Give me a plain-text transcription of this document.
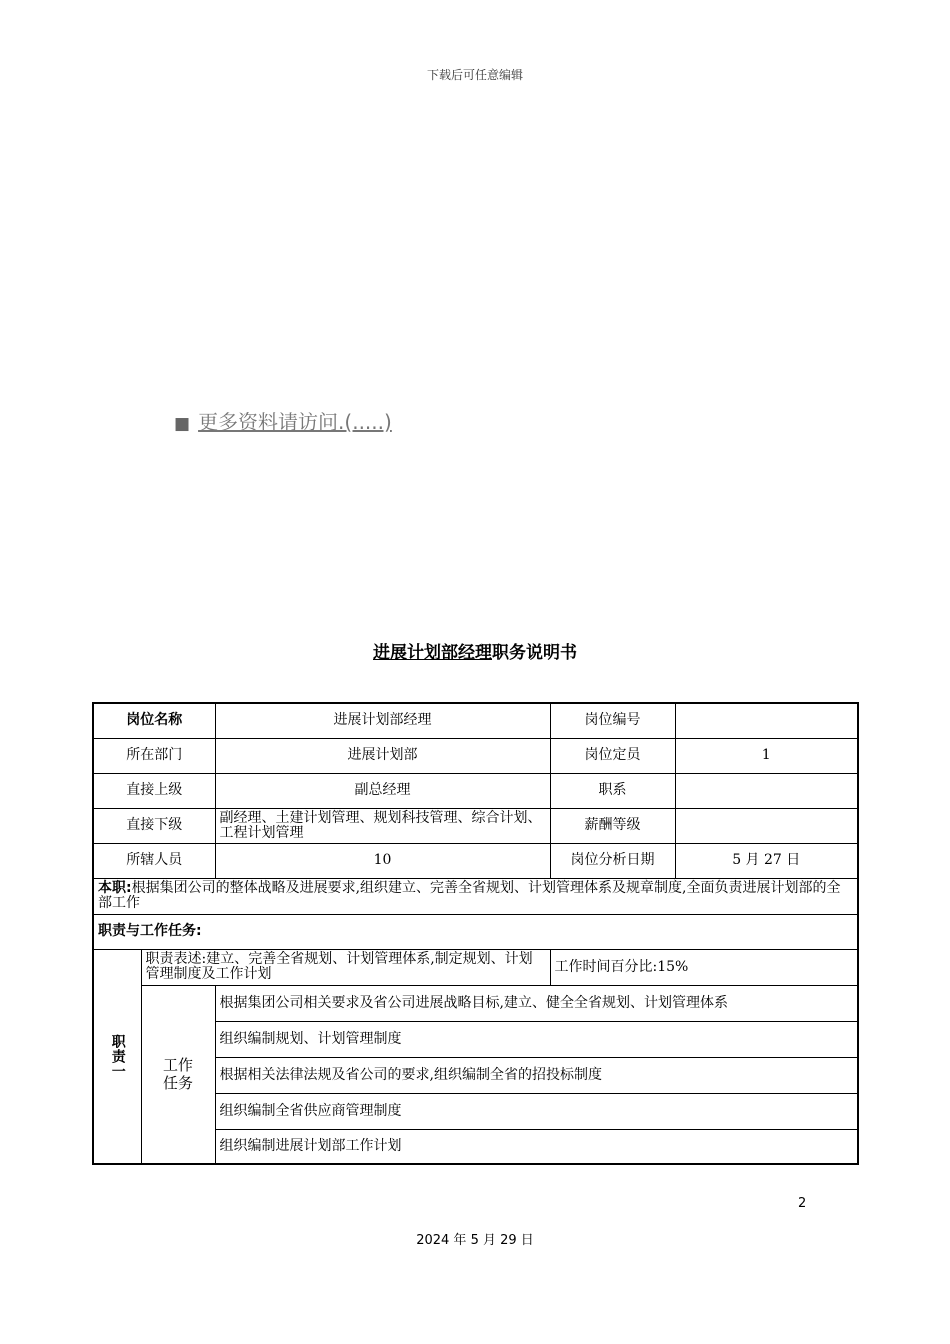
下载后可任意编辑
■ 更多资料请访问.(.....)
进展计划部经理职务说明书
岗位名称		进展计划部经理	岗位编号	
所在部门		进展计划部	岗位定员	1
直接上级		副总经理	职系	
直接下级		副经理、土建计划管理、规划科技管理、综合计划、工程计划管理	薪酬等级	
所辖人员		10	岗位分析日期	5 月 27 日
本职:根据集团公司的整体战略及进展要求,组织建立、完善全省规划、计划管理体系及规章制度,全面负责进展计划部的全部工作				
职责与工作任务:				

职责一	职责表述:建立、完善全省规划、计划管理体系,制定规划、计划管理制度及工作计划		工作时间百分比:15%	

	工作任务	根据集团公司相关要求及省公司进展战略目标,建立、健全全省规划、计划管理体系		
		组织编制规划、计划管理制度		
		根据相关法律法规及省公司的要求,组织编制全省的招投标制度		
		组织编制全省供应商管理制度		
		组织编制进展计划部工作计划		
2
2024 年 5 月 29 日
